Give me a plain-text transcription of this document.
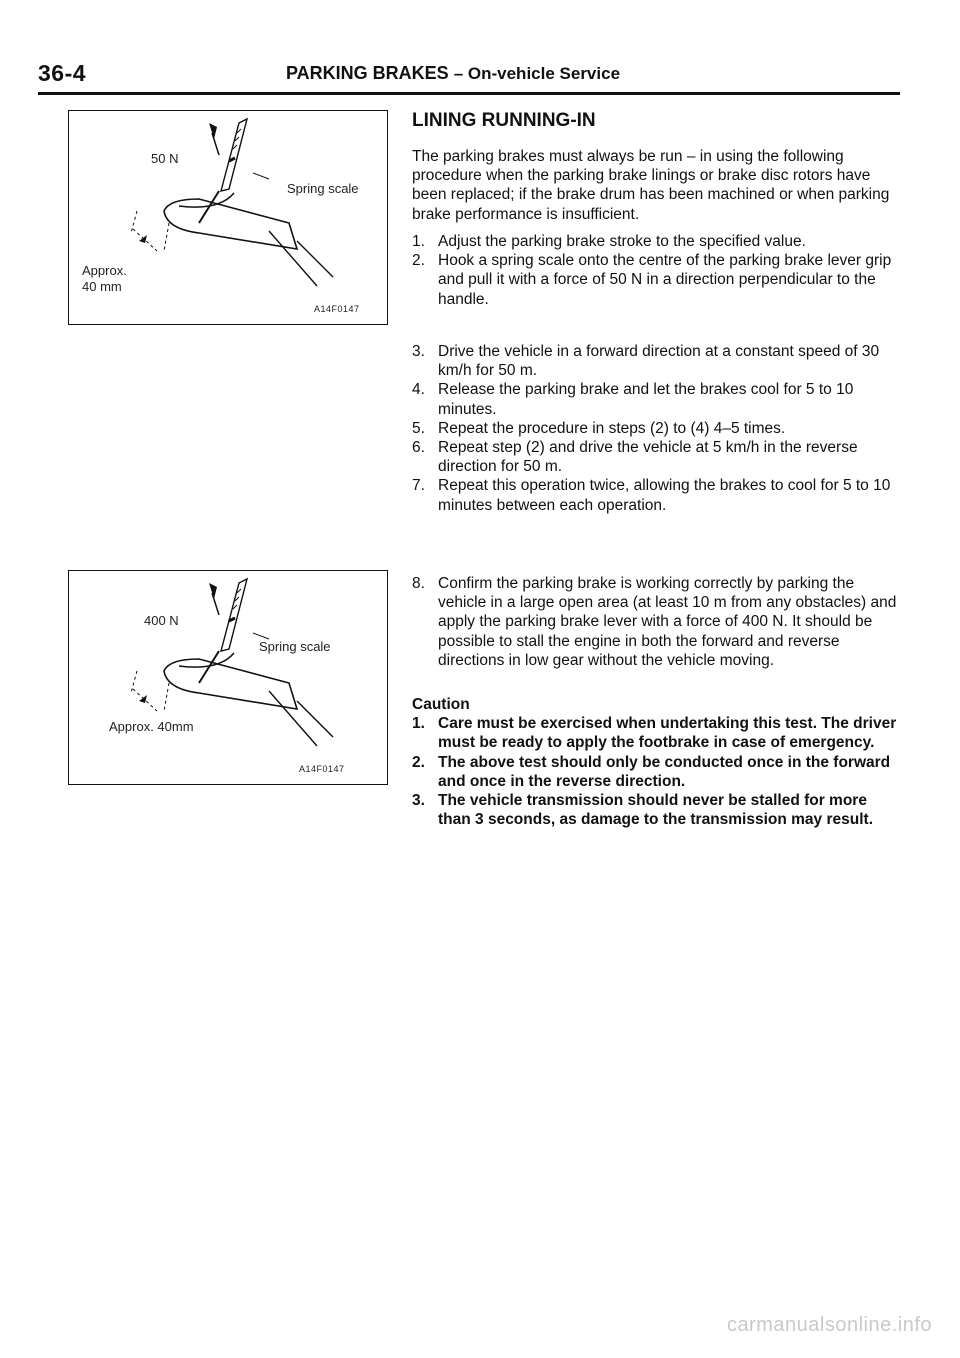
36-4	PARKING BRAKES – On-vehicle Service
50 N
Spring scale
Approx.
40 mm
A14F0147
400 N
Spring scale
Approx. 40mm
A14F0147
LINING RUNNING-IN
The parking brakes must always be run – in using the following procedure when the parking brake linings or brake disc rotors have been replaced; if the brake drum has been machined or when parking brake performance is insufficient.
1. Adjust the parking brake stroke to the specified value.
2. Hook a spring scale onto the centre of the parking brake lever grip and pull it with a force of 50 N in a direction perpendicular to the handle.
3. Drive the vehicle in a forward direction at a constant speed of 30 km/h for 50 m.
4. Release the parking brake and let the brakes cool for 5 to 10 minutes.
5. Repeat the procedure in steps (2) to (4) 4–5 times.
6. Repeat step (2) and drive the vehicle at 5 km/h in the reverse direction for 50 m.
7. Repeat this operation twice, allowing the brakes to cool for 5 to 10 minutes between each operation.
8. Confirm the parking brake is working correctly by parking the vehicle in a large open area (at least 10 m from any obstacles) and apply the parking brake lever with a force of 400 N. It should be possible to stall the engine in both the forward and reverse directions in low gear without the vehicle moving.
Caution
1. Care must be exercised when undertaking this test. The driver must be ready to apply the footbrake in case of emergency.
2. The above test should only be conducted once in the forward and once in the reverse direction.
3. The vehicle transmission should never be stalled for more than 3 seconds, as damage to the transmission may result.
carmanualsonline.info
